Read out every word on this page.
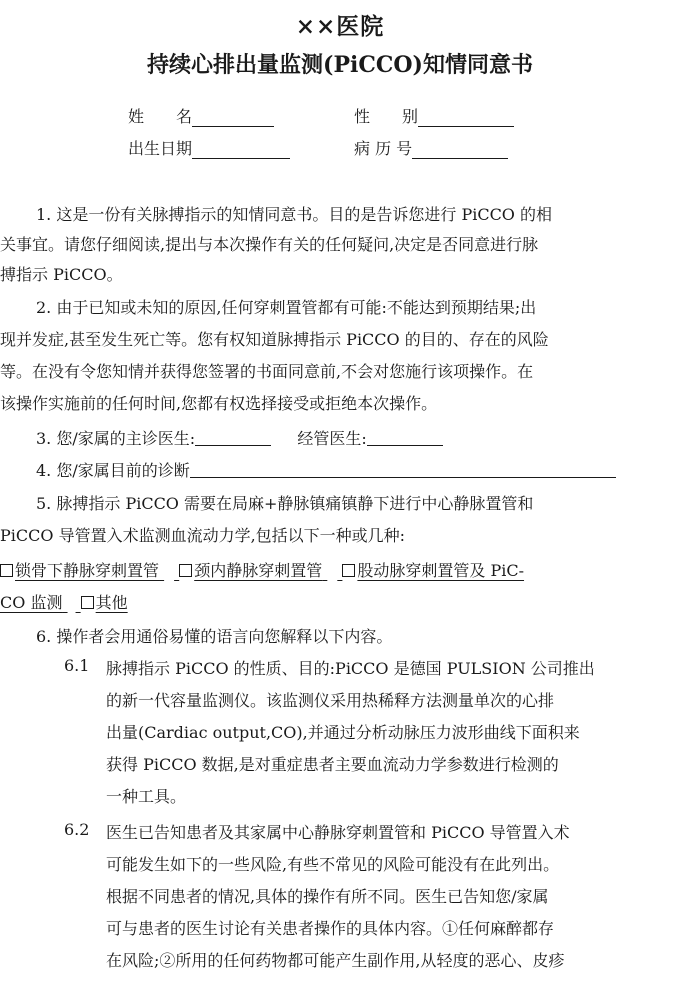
××医院
持续心排出量监测(PiCCO)知情同意书
姓　　名	性　　别
出生日期	病 历 号
1. 这是一份有关脉搏指示的知情同意书。目的是告诉您进行 PiCCO 的相
关事宜。请您仔细阅读,提出与本次操作有关的任何疑问,决定是否同意进行脉
搏指示 PiCCO。
2. 由于已知或未知的原因,任何穿刺置管都有可能:不能达到预期结果;出
现并发症,甚至发生死亡等。您有权知道脉搏指示 PiCCO 的目的、存在的风险
等。在没有令您知情并获得您签署的书面同意前,不会对您施行该项操作。在
该操作实施前的任何时间,您都有权选择接受或拒绝本次操作。
3. 您/家属的主诊医生:	经管医生:
4. 您/家属目前的诊断
5. 脉搏指示 PiCCO 需要在局麻+静脉镇痛镇静下进行中心静脉置管和
PiCCO 导管置入术监测血流动力学,包括以下一种或几种:
锁骨下静脉穿刺置管 颈内静脉穿刺置管 股动脉穿刺置管及 PiC-
CO 监测 其他
6. 操作者会用通俗易懂的语言向您解释以下内容。
6.1 脉搏指示 PiCCO 的性质、目的:PiCCO 是德国 PULSION 公司推出
的新一代容量监测仪。该监测仪采用热稀释方法测量单次的心排
出量(Cardiac output,CO),并通过分析动脉压力波形曲线下面积来
获得 PiCCO 数据,是对重症患者主要血流动力学参数进行检测的
一种工具。
6.2 医生已告知患者及其家属中心静脉穿刺置管和 PiCCO 导管置入术
可能发生如下的一些风险,有些不常见的风险可能没有在此列出。
根据不同患者的情况,具体的操作有所不同。医生已告知您/家属
可与患者的医生讨论有关患者操作的具体内容。①任何麻醉都存
在风险;②所用的任何药物都可能产生副作用,从轻度的恶心、皮疹
